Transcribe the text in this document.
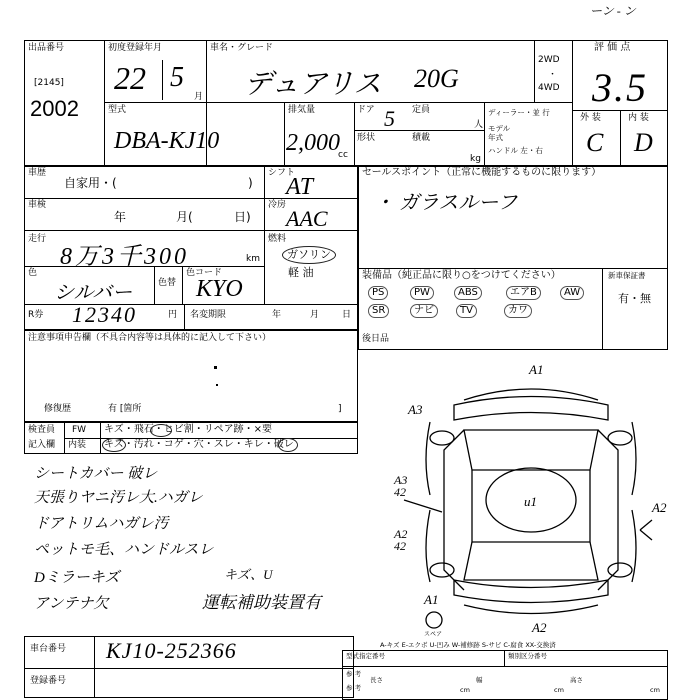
ーン ‐ ン
出品番号
[2145]
2002
初度登録年月
22 5
月
車名・グレード
デュアリス 20G
2WD
・
4WD
評 価 点
3.5
型式
DBA-KJ10
排気量
2,000
cc
ドア 5 定員
人
形状	積載
kg
ディーラー・並 行
モデル 年式
ハンドル 左・右
外 装	内 装
C D
車歴
自家用・(	)
車検
年	月(	日)
走行
8万3千300	km
色
シルバー	色替
色コード
KYO
シフト
AT
冷房
AAC
燃料
ガソリン
軽 油
R券 12340	円 名変期限	年	月	日
セールスポイント（正常に機能するものに限ります）
・ ガラスルーフ
装備品（純正品に限り○をつけてください）
PS	PW	ABS	エアB	AW
SR	ナビ	TV	カワ
後日品
新車保証書
有・無
注意事項申告欄（不具合内容等は具体的に記入して下さい）
修復歴	有 [箇所	]
検査員
記入欄
FW キズ・飛石・ヒビ割・リペア跡・×要
内装 キズ・汚れ・コゲ・穴・スレ・キレ・破レ
シートカバー 破レ
天張りヤニ汚レ大.ハガレ
ドアトリムハガレ汚
ペットモ毛、ハンドルスレ
Dミラーキズ
アンテナ欠
キズ、U
運転補助装置有
A1
A3
A3 42
A2 42
u1	A2
A1
A2
スペア
A-キズ E-エクボ U-凹み W-補修跡 S-サビ C-腐食 XX-交換済
車台番号 KJ10-252366
登録番号
型式指定番号	類別区分番号
参 考
参 考
長さ
cm
幅
cm
高さ
cm
